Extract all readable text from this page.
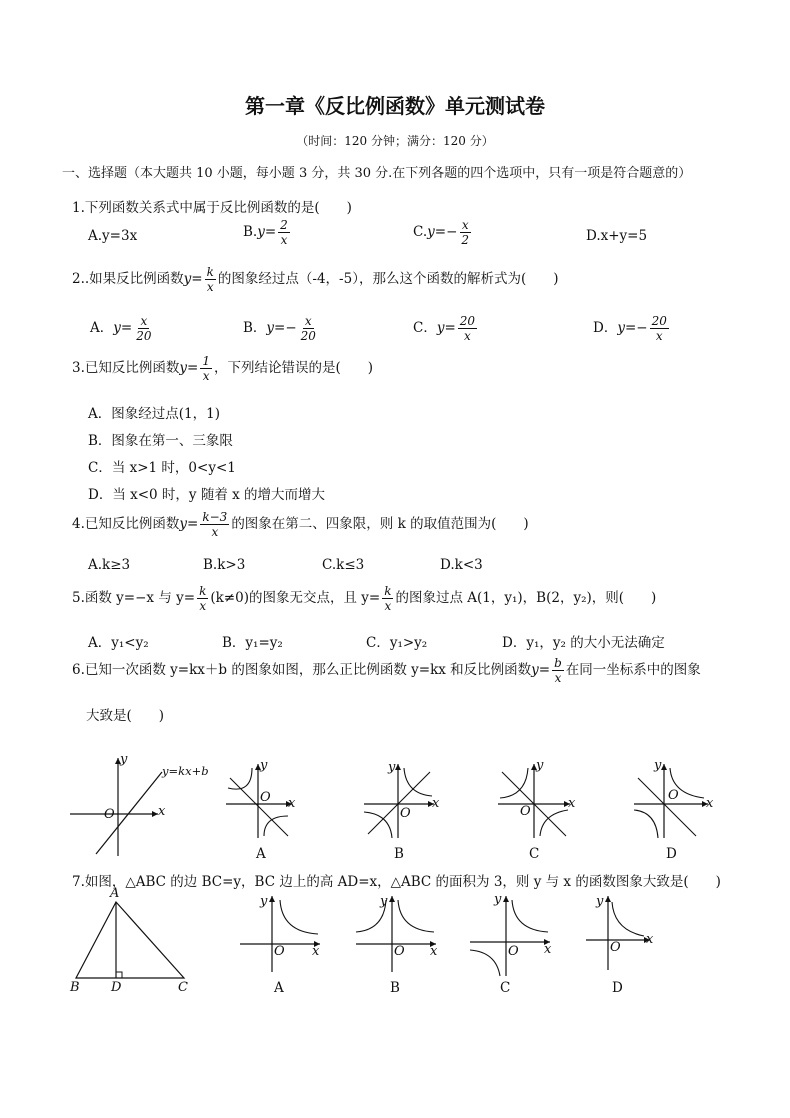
第一章《反比例函数》单元测试卷
（时间：120 分钟；满分：120 分）
一、选择题（本大题共 10 小题，每小题 3 分，共 30 分.在下列各题的四个选项中，只有一项是符合题意的）
1.下列函数关系式中属于反比例函数的是(　　)
A.y=3x	$B.y= \frac{2}{x}$	$C.y=- \frac{x}{2}$	D.x+y=5
2..如果反比例函数$y= \frac{k}{x}$ 的图象经过点（-4，-5），那么这个函数的解析式为(　　)
A．$y= \frac{x}{20}$	B．$y=- \frac{x}{20}$	C．$y= \frac{20}{x}$	D．$y=- \frac{20}{x}$
3.已知反比例函数$y= \frac{1}{x}$ ，下列结论错误的是(　　)
A．图象经过点(1，1)
B．图象在第一、三象限
C．当 x>1 时，0<y<1
D．当 x<0 时，y 随着 x 的增大而增大
4.已知反比例函数$y= \frac{k-3}{x}$ 的图象在第二、四象限，则 k 的取值范围为(　　)
A.k≥3	B.k>3	C.k≤3	D.k<3
5.函数 y=−x 与 $y= \frac{k}{x} (k\ne 0)$的图象无交点，且 $y= \frac{k}{x}$ 的图象过点 A(1，y₁)，B(2，y₂)，则(　　)
A．y₁<y₂	B．y₁=y₂	C．y₁>y₂	D．y₁，y₂ 的大小无法确定
6.已知一次函数 y=kx＋b 的图象如图，那么正比例函数 y=kx 和反比例函数$y= \frac{b}{x}$ 在同一坐标系中的图象
大致是(　　)
y
x
O
y=kx+b	y
x
O
A
y
x
O
B
y
x
O
C
y
x
O
D
7.如图，△ABC 的边 BC=y，BC 边上的高 AD=x，△ABC 的面积为 3，则 y 与 x 的函数图象大致是(　　)
A
B D	C
y
x
O
A
y
x
O
B
y
x
O
C
y
x
O
D
